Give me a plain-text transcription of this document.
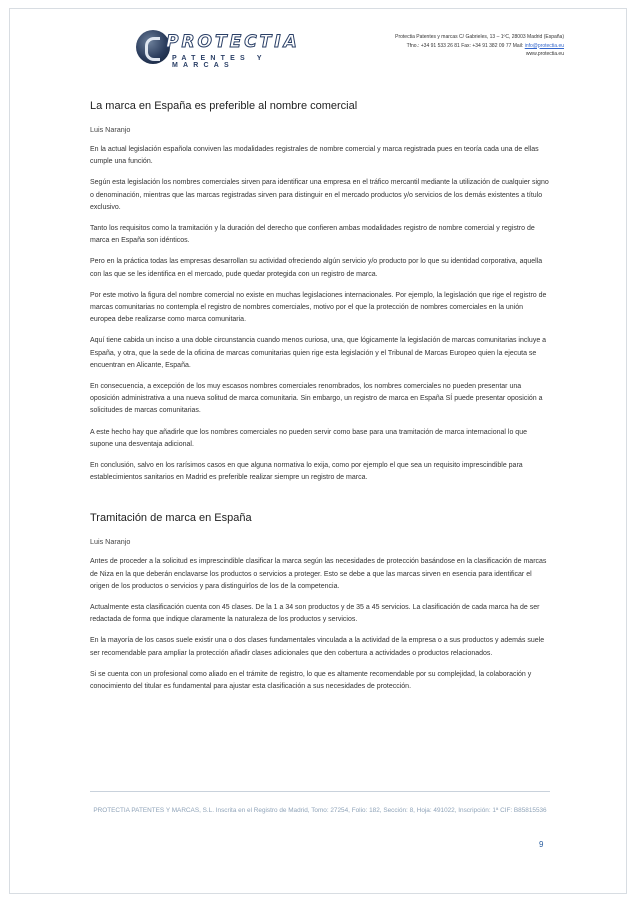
PROTECTIA
PATENTES Y MARCAS
Protectia Patentes y marcas C/ Gabrieles, 13 – 1ºC, 28003 Madrid (España)
Tfno.: +34 91 533 26 81 Fax: +34 91 382 09 77 Mail: info@protectia.eu
www.protectia.eu
La marca en España es preferible al nombre comercial
Luis Naranjo

En la actual legislación española conviven las modalidades registrales de nombre comercial y marca registrada pues en teoría cada una de ellas cumple una función.

Según esta legislación los nombres comerciales sirven para identificar una empresa en el tráfico mercantil mediante la utilización de cualquier signo o denominación, mientras que las marcas registradas sirven para distinguir en el mercado productos y/o servicios de los demás existentes a título exclusivo.

Tanto los requisitos como la tramitación y la duración del derecho que confieren ambas modalidades registro de nombre comercial y registro de marca en España son idénticos.

Pero en la práctica todas las empresas desarrollan su actividad ofreciendo algún servicio y/o producto por lo que su identidad corporativa, aquella con las que se les identifica en el mercado, pude quedar protegida con un registro de marca.

Por este motivo la figura del nombre comercial no existe en muchas legislaciones internacionales. Por ejemplo, la legislación que rige el registro de marcas comunitarias no contempla el registro de nombres comerciales, motivo por el que la protección de nombres comerciales en la unión europea debe realizarse como marca comunitaria.

Aquí tiene cabida un inciso a una doble circunstancia cuando menos curiosa, una, que lógicamente la legislación de marcas comunitarias incluye a España, y otra, que la sede de la oficina de marcas comunitarias quien rige esta legislación y el Tribunal de Marcas Europeo quien la ejecuta se encuentran en Alicante, España.

En consecuencia, a excepción de los muy escasos nombres comerciales renombrados, los nombres comerciales no pueden presentar una oposición administrativa a una nueva solitud de marca comunitaria. Sin embargo, un registro de marca en España SÍ puede presentar oposición a solicitudes de marcas comunitarias.

A este hecho hay que añadirle que los nombres comerciales no pueden servir como base para una tramitación de marca internacional lo que supone una desventaja adicional.

En conclusión, salvo en los rarísimos casos en que alguna normativa lo exija, como por ejemplo el que sea un requisito imprescindible para establecimientos sanitarios en Madrid es preferible realizar siempre un registro de marca.

Tramitación de marca en España
Luis Naranjo

Antes de proceder a la solicitud es imprescindible clasificar la marca según las necesidades de protección basándose en la clasificación de marcas de Niza en la que deberán enclavarse los productos o servicios a proteger. Esto se debe a que las marcas sirven en esencia para identificar el origen de los productos o servicios y para distinguirlos de los de la competencia.

Actualmente esta clasificación cuenta con 45 clases. De la 1 a 34 son productos y de 35 a 45 servicios. La clasificación de cada marca ha de ser redactada de forma que indique claramente la naturaleza de los productos y servicios.

En la mayoría de los casos suele existir una o dos clases fundamentales vinculada a la actividad de la empresa o a sus productos y además suele ser recomendable para ampliar la protección añadir clases adicionales que den cobertura a actividades o productos relacionados.

Si se cuenta con un profesional como aliado en el trámite de registro, lo que es altamente recomendable por su complejidad, la colaboración y conocimiento del titular es fundamental para ajustar esta clasificación a sus necesidades de protección.

PROTECTIA PATENTES Y MARCAS, S.L. Inscrita en el Registro de Madrid, Tomo: 27254, Folio: 182, Sección: 8, Hoja: 491022, Inscripción: 1ª CIF: B85815536
9
